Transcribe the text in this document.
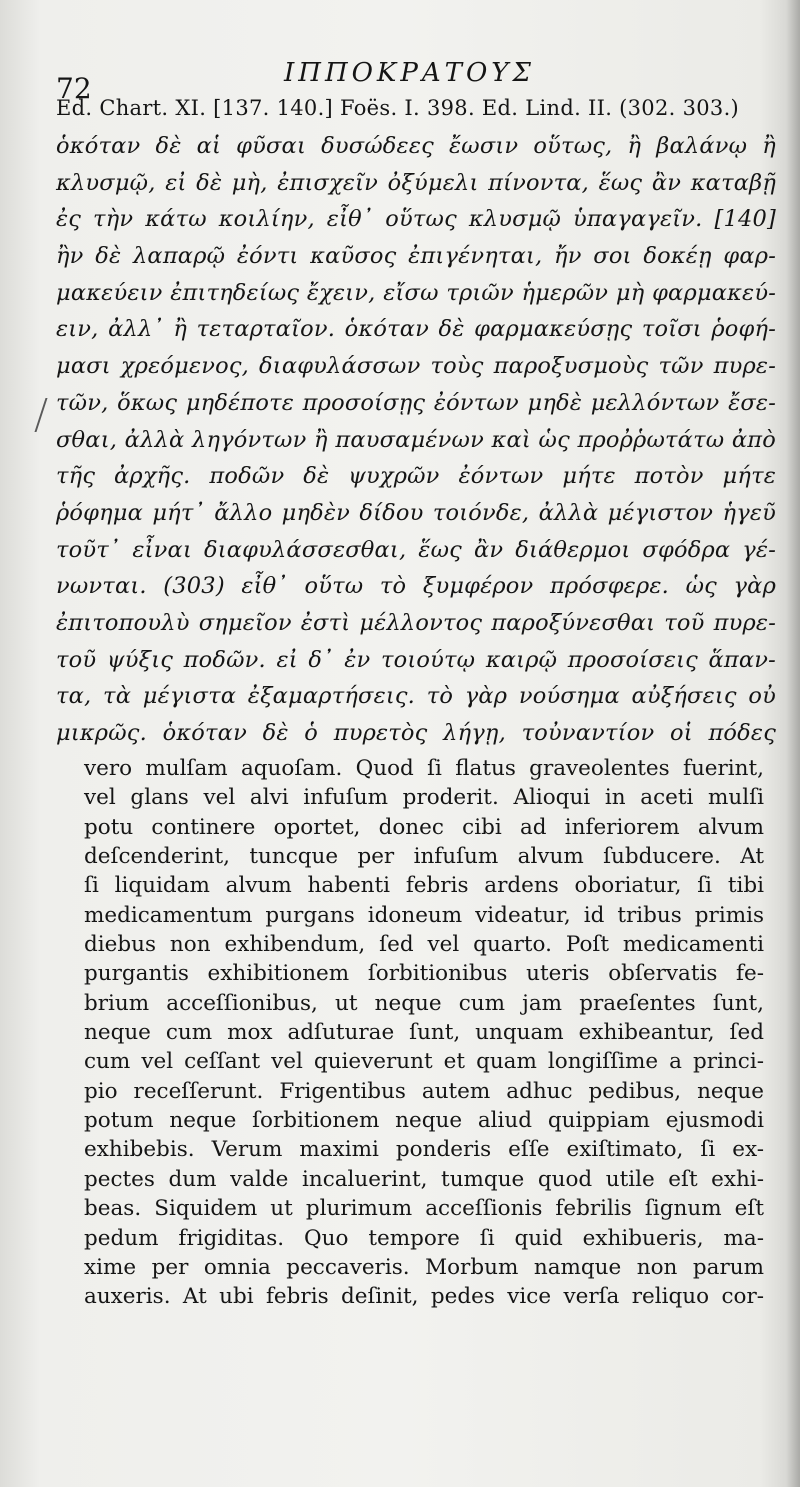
72	ΙΠΠΟΚΡΑΤΟΥΣ
Ed. Chart. XI. [137. 140.] Foës. I. 398. Ed. Lind. II. (302. 303.)
ὁκόταν δὲ αἱ φῦσαι δυσώδεες ἔωσιν οὕτως, ἢ βαλάνῳ ἢ
κλυσμῷ, εἰ δὲ μὴ, ἐπισχεῖν ὀξύμελι πίνοντα, ἕως ἂν καταβῇ
ἐς τὴν κάτω κοιλίην, εἶθ᾽ οὕτως κλυσμῷ ὑπαγαγεῖν. [140]
ἢν δὲ λαπαρῷ ἐόντι καῦσος ἐπιγένηται, ἤν σοι δοκέῃ φαρ-
μακεύειν ἐπιτηδείως ἔχειν, εἴσω τριῶν ἡμερῶν μὴ φαρμακεύ-
ειν, ἀλλ᾽ ἢ τεταρταῖον. ὁκόταν δὲ φαρμακεύσῃς τοῖσι ῥοφή-
μασι χρεόμενος, διαφυλάσσων τοὺς παροξυσμοὺς τῶν πυρε-
τῶν, ὅκως μηδέποτε προσοίσῃς ἐόντων μηδὲ μελλόντων ἔσε-
σθαι, ἀλλὰ ληγόντων ἢ παυσαμένων καὶ ὡς προῤῥωτάτω ἀπὸ
τῆς ἀρχῆς. ποδῶν δὲ ψυχρῶν ἐόντων μήτε ποτὸν μήτε
ῥόφημα μήτ᾽ ἄλλο μηδὲν δίδου τοιόνδε, ἀλλὰ μέγιστον ἡγεῦ
τοῦτ᾽ εἶναι διαφυλάσσεσθαι, ἕως ἂν διάθερμοι σφόδρα γέ-
νωνται. (303) εἶθ᾽ οὕτω τὸ ξυμφέρον πρόσφερε. ὡς γὰρ
ἐπιτοπουλὺ σημεῖον ἐστὶ μέλλοντος παροξύνεσθαι τοῦ πυρε-
τοῦ ψύξις ποδῶν. εἰ δ᾽ ἐν τοιούτῳ καιρῷ προσοίσεις ἅπαν-
τα, τὰ μέγιστα ἐξαμαρτήσεις. τὸ γὰρ νούσημα αὐξήσεις οὐ
μικρῶς. ὁκόταν δὲ ὁ πυρετὸς λήγῃ, τοὐναντίον οἱ πόδες
vero mulſam aquoſam. Quod ſi flatus graveolentes fuerint,
vel glans vel alvi infuſum proderit. Alioqui in aceti mulſi
potu continere oportet, donec cibi ad inferiorem alvum
deſcenderint, tuncque per infuſum alvum ſubducere. At
ſi liquidam alvum habenti febris ardens oboriatur, ſi tibi
medicamentum purgans idoneum videatur, id tribus primis
diebus non exhibendum, ſed vel quarto. Poſt medicamenti
purgantis exhibitionem ſorbitionibus uteris obſervatis fe-
brium acceſſionibus, ut neque cum jam praeſentes ſunt,
neque cum mox adſuturae ſunt, unquam exhibeantur, ſed
cum vel ceſſant vel quieverunt et quam longiſſime a princi-
pio receſſerunt. Frigentibus autem adhuc pedibus, neque
potum neque ſorbitionem neque aliud quippiam ejusmodi
exhibebis. Verum maximi ponderis eſſe exiſtimato, ſi ex-
pectes dum valde incaluerint, tumque quod utile eſt exhi-
beas. Siquidem ut plurimum acceſſionis febrilis ſignum eſt
pedum frigiditas. Quo tempore ſi quid exhibueris, ma-
xime per omnia peccaveris. Morbum namque non parum
auxeris. At ubi febris deſinit, pedes vice verſa reliquo cor-
